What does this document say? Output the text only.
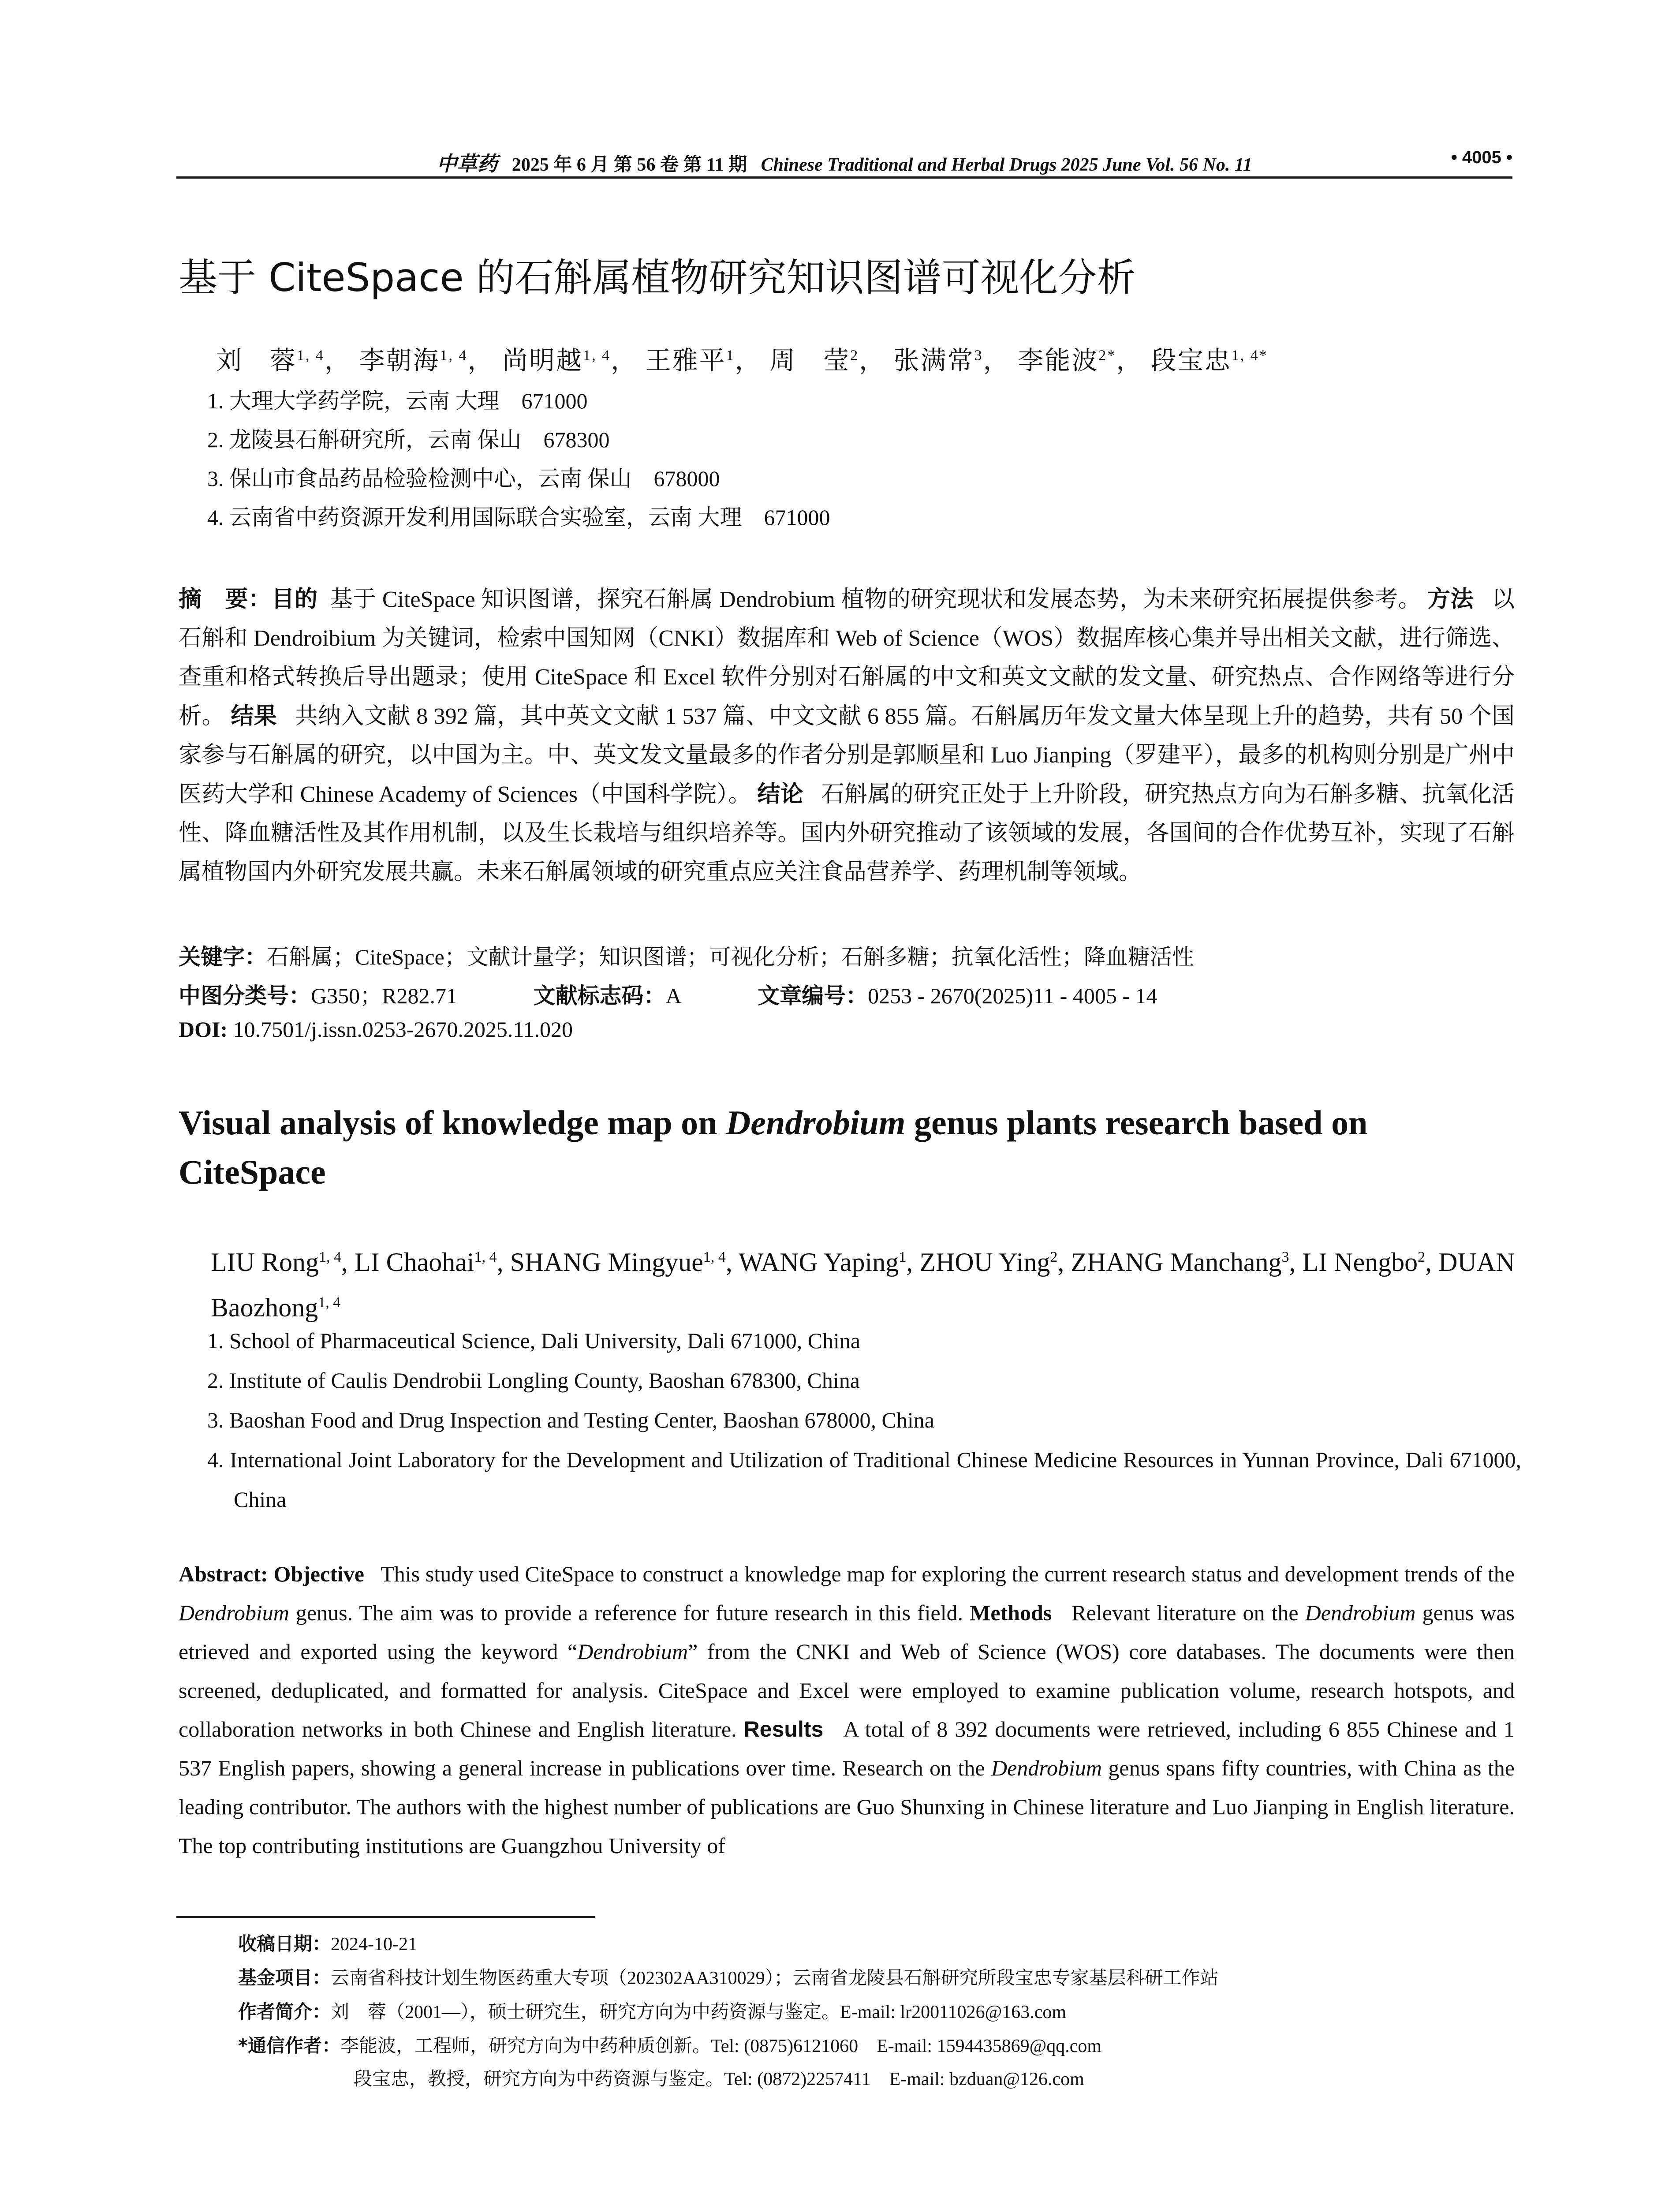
中草药 2025 年 6 月 第 56 卷 第 11 期 Chinese Traditional and Herbal Drugs 2025 June Vol. 56 No. 11	• 4005 •
基于 CiteSpace 的石斛属植物研究知识图谱可视化分析
刘　蓉$^{1, 4}$， 李朝海$^{1, 4}$， 尚明越$^{1, 4}$， 王雅平$^1$， 周　莹$^2$， 张满常$^3$， 李能波$^{2*}$， 段宝忠$^{1, 4*}$
1. 大理大学药学院，云南 大理　671000
2. 龙陵县石斛研究所，云南 保山　678300
3. 保山市食品药品检验检测中心，云南 保山　678000
4. 云南省中药资源开发利用国际联合实验室，云南 大理　671000
摘　要：目的 基于 CiteSpace 知识图谱，探究石斛属 Dendrobium 植物的研究现状和发展态势，为未来研究拓展提供参考。 方法 以石斛和 Dendroibium 为关键词，检索中国知网（CNKI）数据库和 Web of Science（WOS）数据库核心集并导出相关文献，进行筛选、查重和格式转换后导出题录；使用 CiteSpace 和 Excel 软件分别对石斛属的中文和英文文献的发文量、研究热点、合作网络等进行分析。 结果 共纳入文献 8 392 篇，其中英文文献 1 537 篇、中文文献 6 855 篇。石斛属历年发文量大体呈现上升的趋势，共有 50 个国家参与石斛属的研究，以中国为主。中、英文发文量最多的作者分别是郭顺星和 Luo Jianping（罗建平），最多的机构则分别是广州中医药大学和 Chinese Academy of Sciences（中国科学院）。 结论 石斛属的研究正处于上升阶段，研究热点方向为石斛多糖、抗氧化活性、降血糖活性及其作用机制，以及生长栽培与组织培养等。国内外研究推动了该领域的发展，各国间的合作优势互补，实现了石斛属植物国内外研究发展共赢。未来石斛属领域的研究重点应关注食品营养学、药理机制等领域。
关键字：石斛属；CiteSpace；文献计量学；知识图谱；可视化分析；石斛多糖；抗氧化活性；降血糖活性
中图分类号：G350；R282.71	文献标志码：A	文章编号：0253 - 2670(2025)11 - 4005 - 14
DOI: 10.7501/j.issn.0253-2670.2025.11.020
Visual analysis of knowledge map on Dendrobium genus plants research based on CiteSpace
LIU Rong$^{1, 4}$, LI Chaohai$^{1, 4}$, SHANG Mingyue$^{1, 4}$, WANG Yaping$^1$, ZHOU Ying$^2$, ZHANG Manchang$^3$, LI Nengbo$^2$, DUAN Baozhong$^{1, 4}$
1. School of Pharmaceutical Science, Dali University, Dali 671000, China
2. Institute of Caulis Dendrobii Longling County, Baoshan 678300, China
3. Baoshan Food and Drug Inspection and Testing Center, Baoshan 678000, China
4. International Joint Laboratory for the Development and Utilization of Traditional Chinese Medicine Resources in Yunnan Province, Dali 671000, China
Abstract: Objective This study used CiteSpace to construct a knowledge map for exploring the current research status and development trends of the Dendrobium genus. The aim was to provide a reference for future research in this field. Methods Relevant literature on the Dendrobium genus was etrieved and exported using the keyword “Dendrobium” from the CNKI and Web of Science (WOS) core databases. The documents were then screened, deduplicated, and formatted for analysis. CiteSpace and Excel were employed to examine publication volume, research hotspots, and collaboration networks in both Chinese and English literature. Results A total of 8 392 documents were retrieved, including 6 855 Chinese and 1 537 English papers, showing a general increase in publications over time. Research on the Dendrobium genus spans fifty countries, with China as the leading contributor. The authors with the highest number of publications are Guo Shunxing in Chinese literature and Luo Jianping in English literature. The top contributing institutions are Guangzhou University of
收稿日期：2024-10-21
基金项目：云南省科技计划生物医药重大专项（202302AA310029）；云南省龙陵县石斛研究所段宝忠专家基层科研工作站
作者简介：刘　蓉（2001—），硕士研究生，研究方向为中药资源与鉴定。E-mail: lr20011026@163.com
*通信作者：李能波，工程师，研究方向为中药种质创新。Tel: (0875)6121060　E-mail: 1594435869@qq.com
段宝忠，教授，研究方向为中药资源与鉴定。Tel: (0872)2257411　E-mail: bzduan@126.com
